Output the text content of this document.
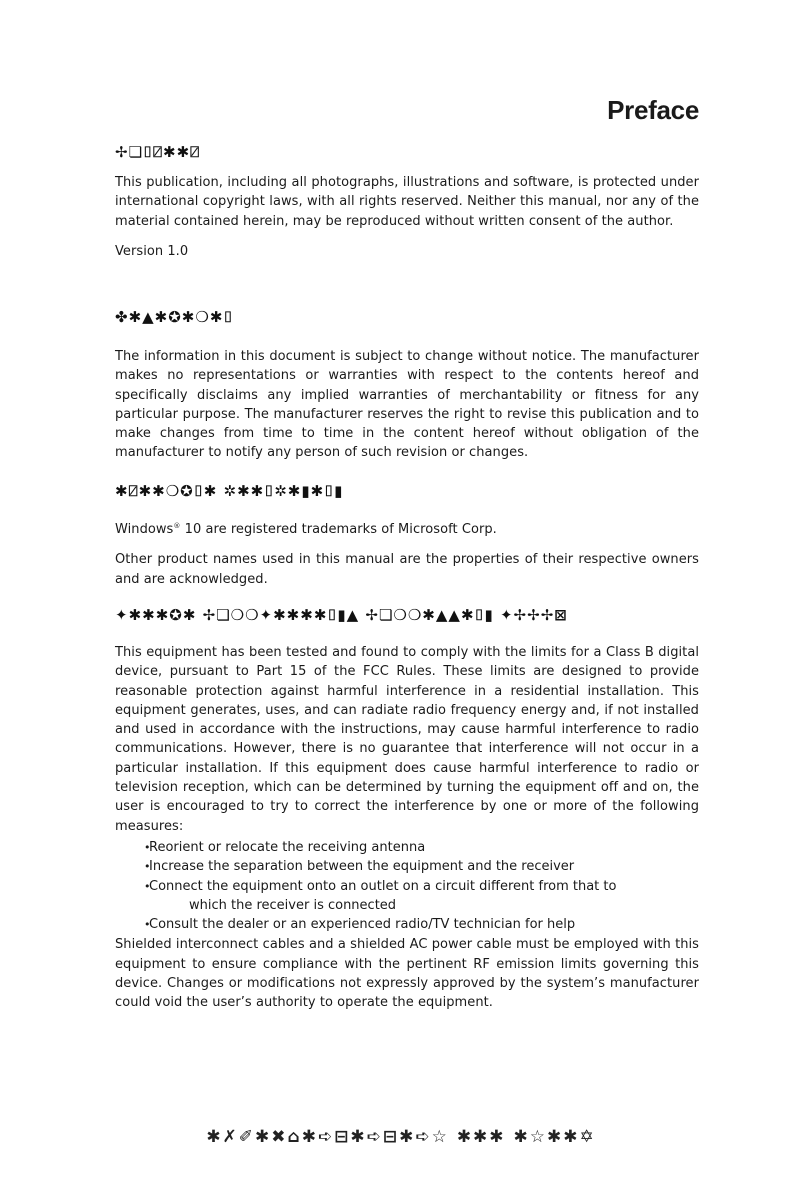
Preface
✢❏⌷⍁✱✱⍁

This publication, including all photographs, illustrations and software, is protected under international copyright laws, with all rights reserved. Neither this manual, nor any of the material contained herein, may be reproduced without written consent of the author.

Version 1.0

✤✱▲✱✪✱❍✱⌷

The information in this document is subject to change without notice. The manufacturer makes no representations or warranties with respect to the contents hereof and specifically disclaims any implied warranties of merchantability or fitness for any particular purpose. The manufacturer reserves the right to revise this publication and to make changes from time to time in the content hereof without obligation of the manufacturer to notify any person of such revision or changes.

✱⍁✱✱❍✪⌷✱ ✲✱✱⌷✲✱▮✱⌷▮

Windows® 10 are registered trademarks of Microsoft Corp.

Other product names used in this manual are the properties of their respective owners and are acknowledged.

✦✱✱✱✪✱ ✢❏❍❍✦✱✱✱✱⌷▮▲ ✢❏❍❍✱▲▲✱⌷▮ ✦✢✢✢⊠

This equipment has been tested and found to comply with the limits for a Class B digital device, pursuant to Part 15 of the FCC Rules. These limits are designed to provide reasonable protection against harmful interference in a residential installation. This equipment generates, uses, and can radiate radio frequency energy and, if not installed and used in accordance with the instructions, may cause harmful interference to radio communications. However, there is no guarantee that interference will not occur in a particular installation. If this equipment does cause harmful interference to radio or television reception, which can be determined by turning the equipment off and on, the user is encouraged to try to correct the interference by one or more of the following measures:

•
Reorient or relocate the receiving antenna
•
Increase the separation between the equipment and the receiver
•
Connect the equipment onto an outlet on a circuit different from that to
which the receiver is connected
•
Consult the dealer or an experienced radio/TV technician for help

Shielded interconnect cables and a shielded AC power cable must be employed with this equipment to ensure compliance with the pertinent RF emission limits governing this device. Changes or modifications not expressly approved by the system’s manufacturer could void the user’s authority to operate the equipment.

✱✗✐✱✖⌂✱➪⊟✱➪⊟✱➪☆ ✱✱✱ ✱☆✱✱✡
